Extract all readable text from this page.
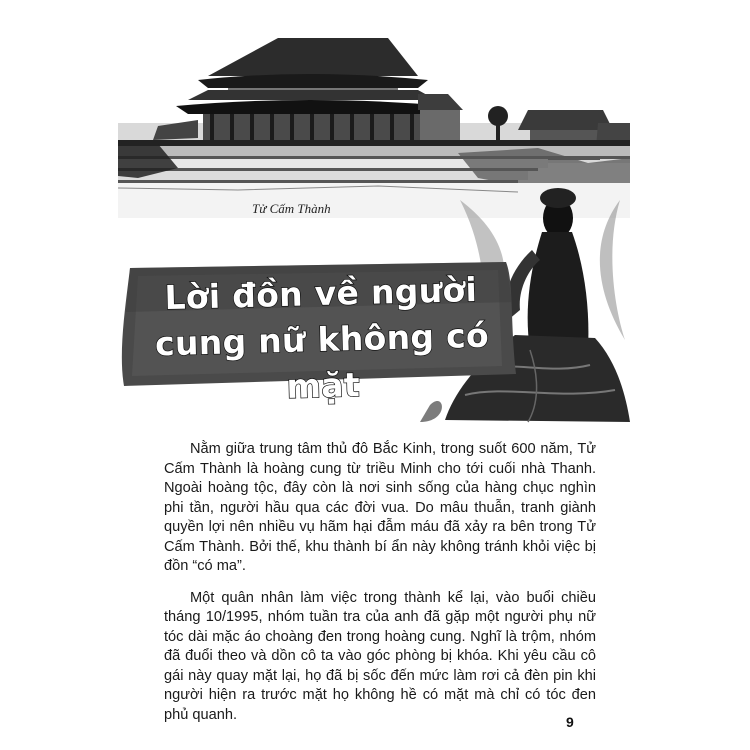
Tử Cấm Thành
Lời đồn về người
cung nữ không có mặt

Nằm giữa trung tâm thủ đô Bắc Kinh, trong suốt 600 năm, Tử Cấm Thành là hoàng cung từ triều Minh cho tới cuối nhà Thanh. Ngoài hoàng tộc, đây còn là nơi sinh sống của hàng chục nghìn phi tần, người hầu qua các đời vua. Do mâu thuẫn, tranh giành quyền lợi nên nhiều vụ hãm hại đẫm máu đã xảy ra bên trong Tử Cấm Thành. Bởi thế, khu thành bí ẩn này không tránh khỏi việc bị đồn “có ma”.

Một quân nhân làm việc trong thành kể lại, vào buổi chiều tháng 10/1995, nhóm tuần tra của anh đã gặp một người phụ nữ tóc dài mặc áo choàng đen trong hoàng cung. Nghĩ là trộm, nhóm đã đuổi theo và dồn cô ta vào góc phòng bị khóa. Khi yêu cầu cô gái này quay mặt lại, họ đã bị sốc đến mức làm rơi cả đèn pin khi người hiện ra trước mặt họ không hề có mặt mà chỉ có tóc đen phủ quanh.	9
